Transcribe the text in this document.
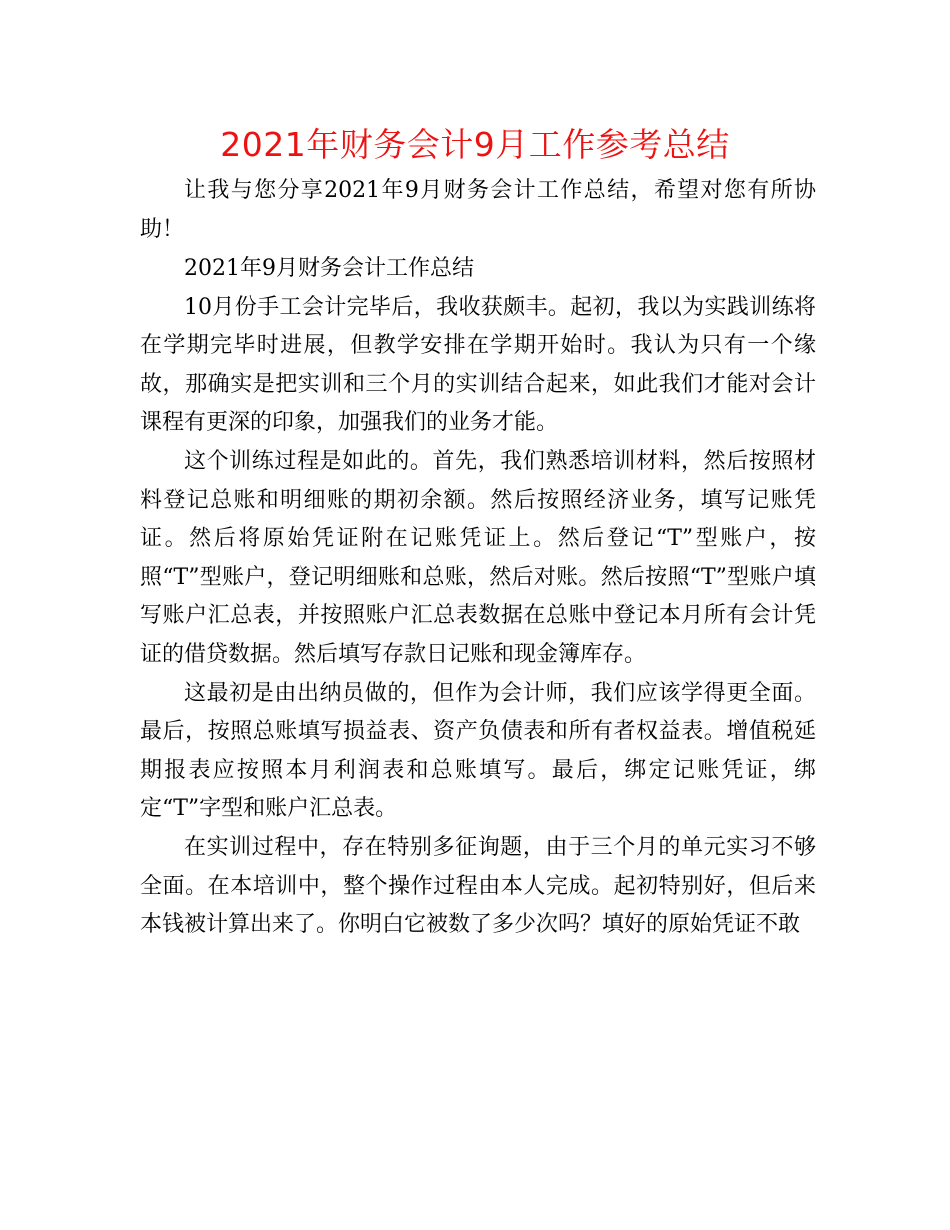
2021年财务会计9月工作参考总结

让我与您分享2021年9月财务会计工作总结，希望对您有所协助！

2021年9月财务会计工作总结

10月份手工会计完毕后，我收获颇丰。起初，我以为实践训练将在学期完毕时进展，但教学安排在学期开始时。我认为只有一个缘故，那确实是把实训和三个月的实训结合起来，如此我们才能对会计课程有更深的印象，加强我们的业务才能。

这个训练过程是如此的。首先，我们熟悉培训材料，然后按照材料登记总账和明细账的期初余额。然后按照经济业务，填写记账凭证。然后将原始凭证附在记账凭证上。然后登记“T”型账户，按照“T”型账户，登记明细账和总账，然后对账。然后按照“T”型账户填写账户汇总表，并按照账户汇总表数据在总账中登记本月所有会计凭证的借贷数据。然后填写存款日记账和现金簿库存。

这最初是由出纳员做的，但作为会计师，我们应该学得更全面。最后，按照总账填写损益表、资产负债表和所有者权益表。增值税延期报表应按照本月利润表和总账填写。最后，绑定记账凭证，绑定“T”字型和账户汇总表。

在实训过程中，存在特别多征询题，由于三个月的单元实习不够全面。在本培训中，整个操作过程由本人完成。起初特别好，但后来本钱被计算出来了。你明白它被数了多少次吗？填好的原始凭证不敢
